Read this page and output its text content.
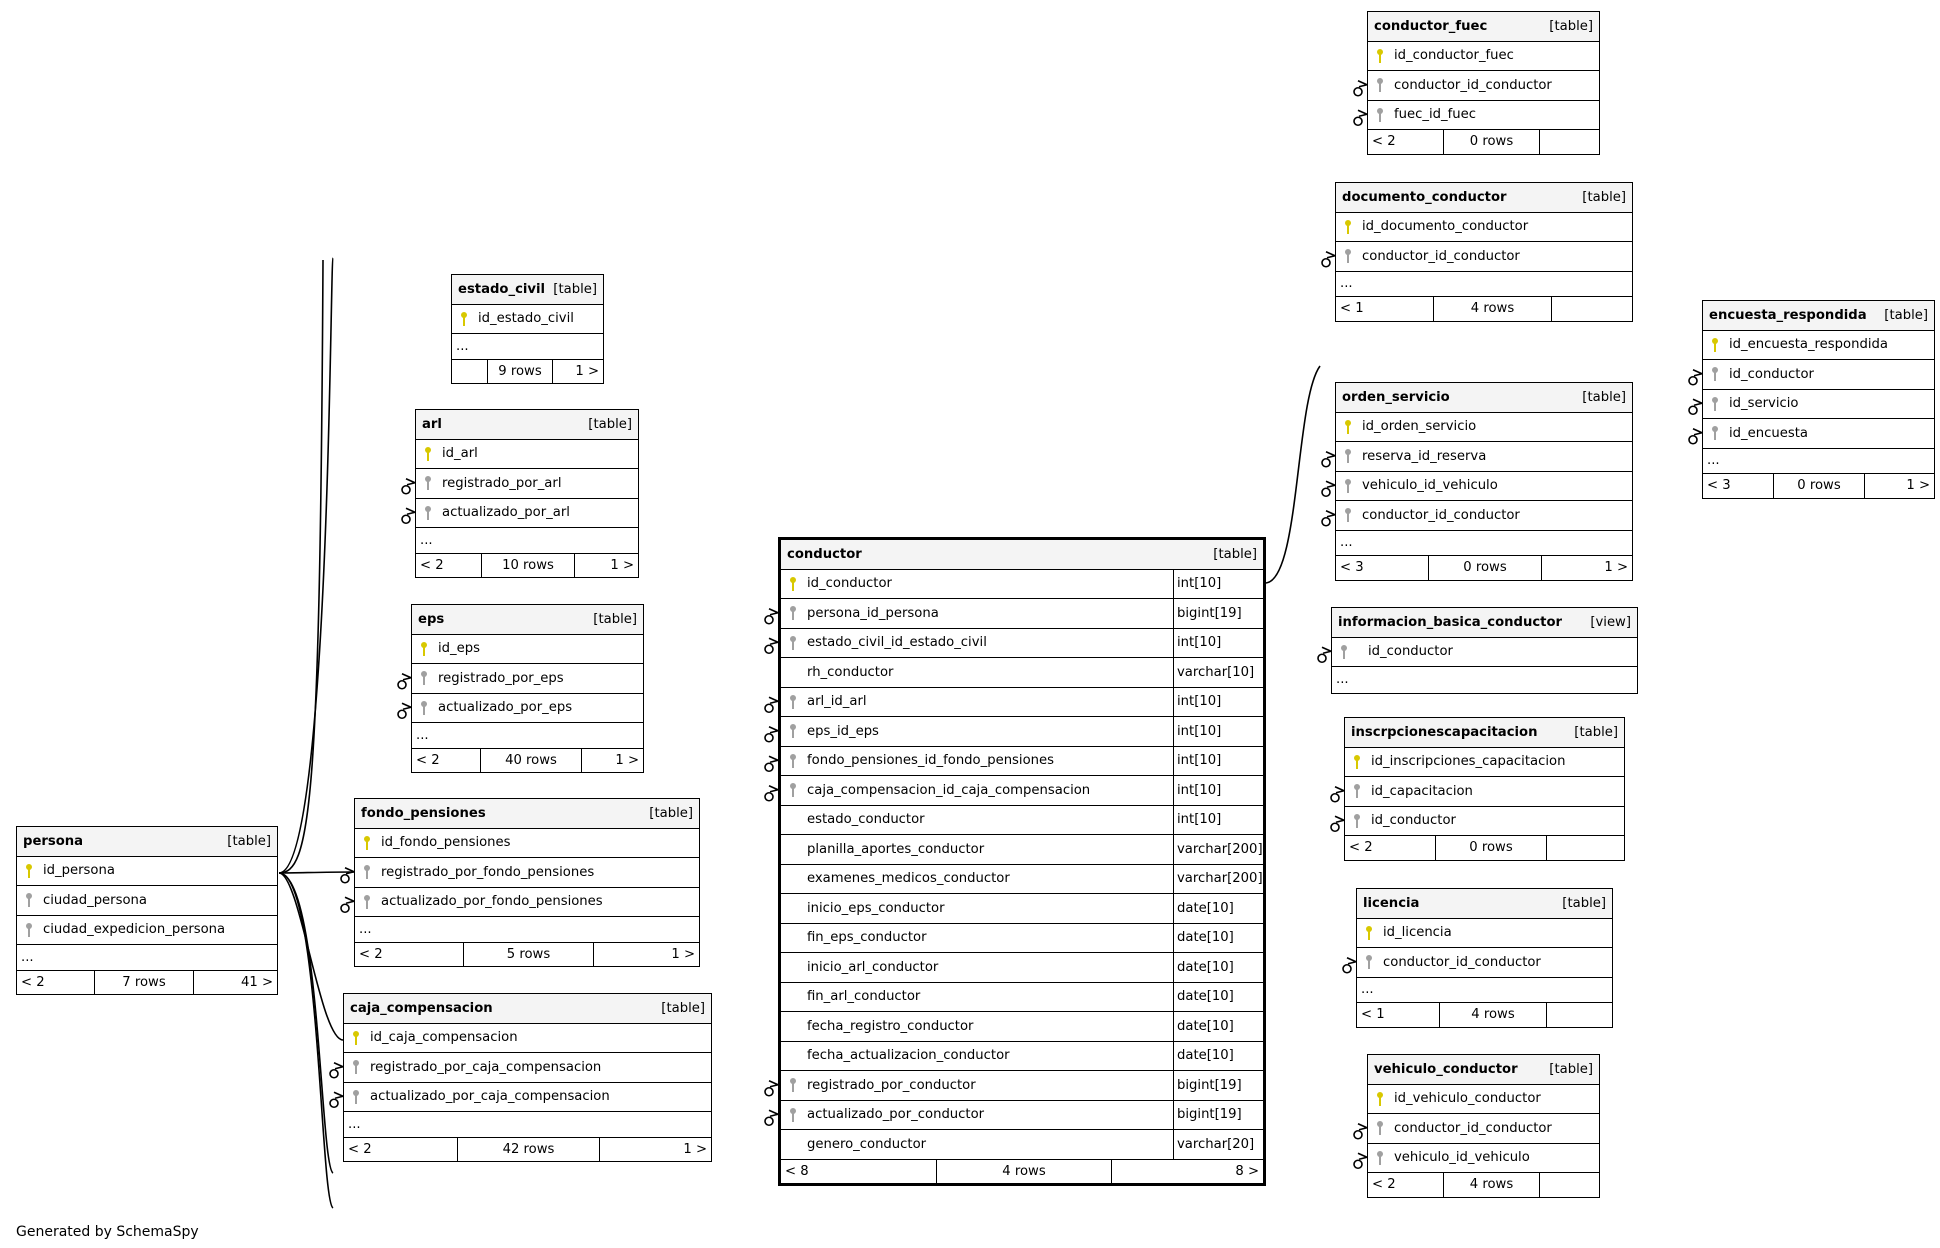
conductor_fuec	[table]
id_conductor_fuec
conductor_id_conductor
fuec_id_fuec
< 2	0 rows
documento_conductor	[table]
id_documento_conductor
conductor_id_conductor
...
< 1	4 rows	encuesta_respondida [table]
id_encuesta_respondida
id_conductor
id_servicio
id_encuesta
...
< 3	0 rows	1 >
estado_civil [table]
id_estado_civil
...
9 rows	1 >
arl	[table]
id_arl
registrado_por_arl
actualizado_por_arl
...
< 2	10 rows	1 >
eps	[table]
id_eps
registrado_por_eps
actualizado_por_eps
...
< 2	40 rows	1 >
fondo_pensiones	[table]
id_fondo_pensiones
registrado_por_fondo_pensiones
actualizado_por_fondo_pensiones
...
< 2	5 rows	1 >
caja_compensacion	[table]
id_caja_compensacion
registrado_por_caja_compensacion
actualizado_por_caja_compensacion
...
< 2	42 rows	1 >
persona	[table]
id_persona
ciudad_persona
ciudad_expedicion_persona
...
< 2	7 rows	41 >
orden_servicio	[table]
id_orden_servicio
reserva_id_reserva
vehiculo_id_vehiculo
conductor_id_conductor
...
< 3	0 rows	1 >
informacion_basica_conductor [view]
id_conductor
...
inscrpcionescapacitacion	[table]
id_inscripciones_capacitacion
id_capacitacion
id_conductor
< 2	0 rows
licencia	[table]
id_licencia
conductor_id_conductor
...
< 1	4 rows
vehiculo_conductor [table]
id_vehiculo_conductor
conductor_id_conductor
vehiculo_id_vehiculo
< 2	4 rows
conductor	[table]
id_conductor	int[10]
persona_id_persona	bigint[19]
estado_civil_id_estado_civil	int[10]
rh_conductor	varchar[10]
arl_id_arl	int[10]
eps_id_eps	int[10]
fondo_pensiones_id_fondo_pensiones	int[10]
caja_compensacion_id_caja_compensacion	int[10]
estado_conductor	int[10]
planilla_aportes_conductor	varchar[200]
examenes_medicos_conductor	varchar[200]
inicio_eps_conductor	date[10]
fin_eps_conductor	date[10]
inicio_arl_conductor	date[10]
fin_arl_conductor	date[10]
fecha_registro_conductor	date[10]
fecha_actualizacion_conductor	date[10]
registrado_por_conductor	bigint[19]
actualizado_por_conductor	bigint[19]
genero_conductor	varchar[20]
< 8	4 rows	8 >
Generated by SchemaSpy
